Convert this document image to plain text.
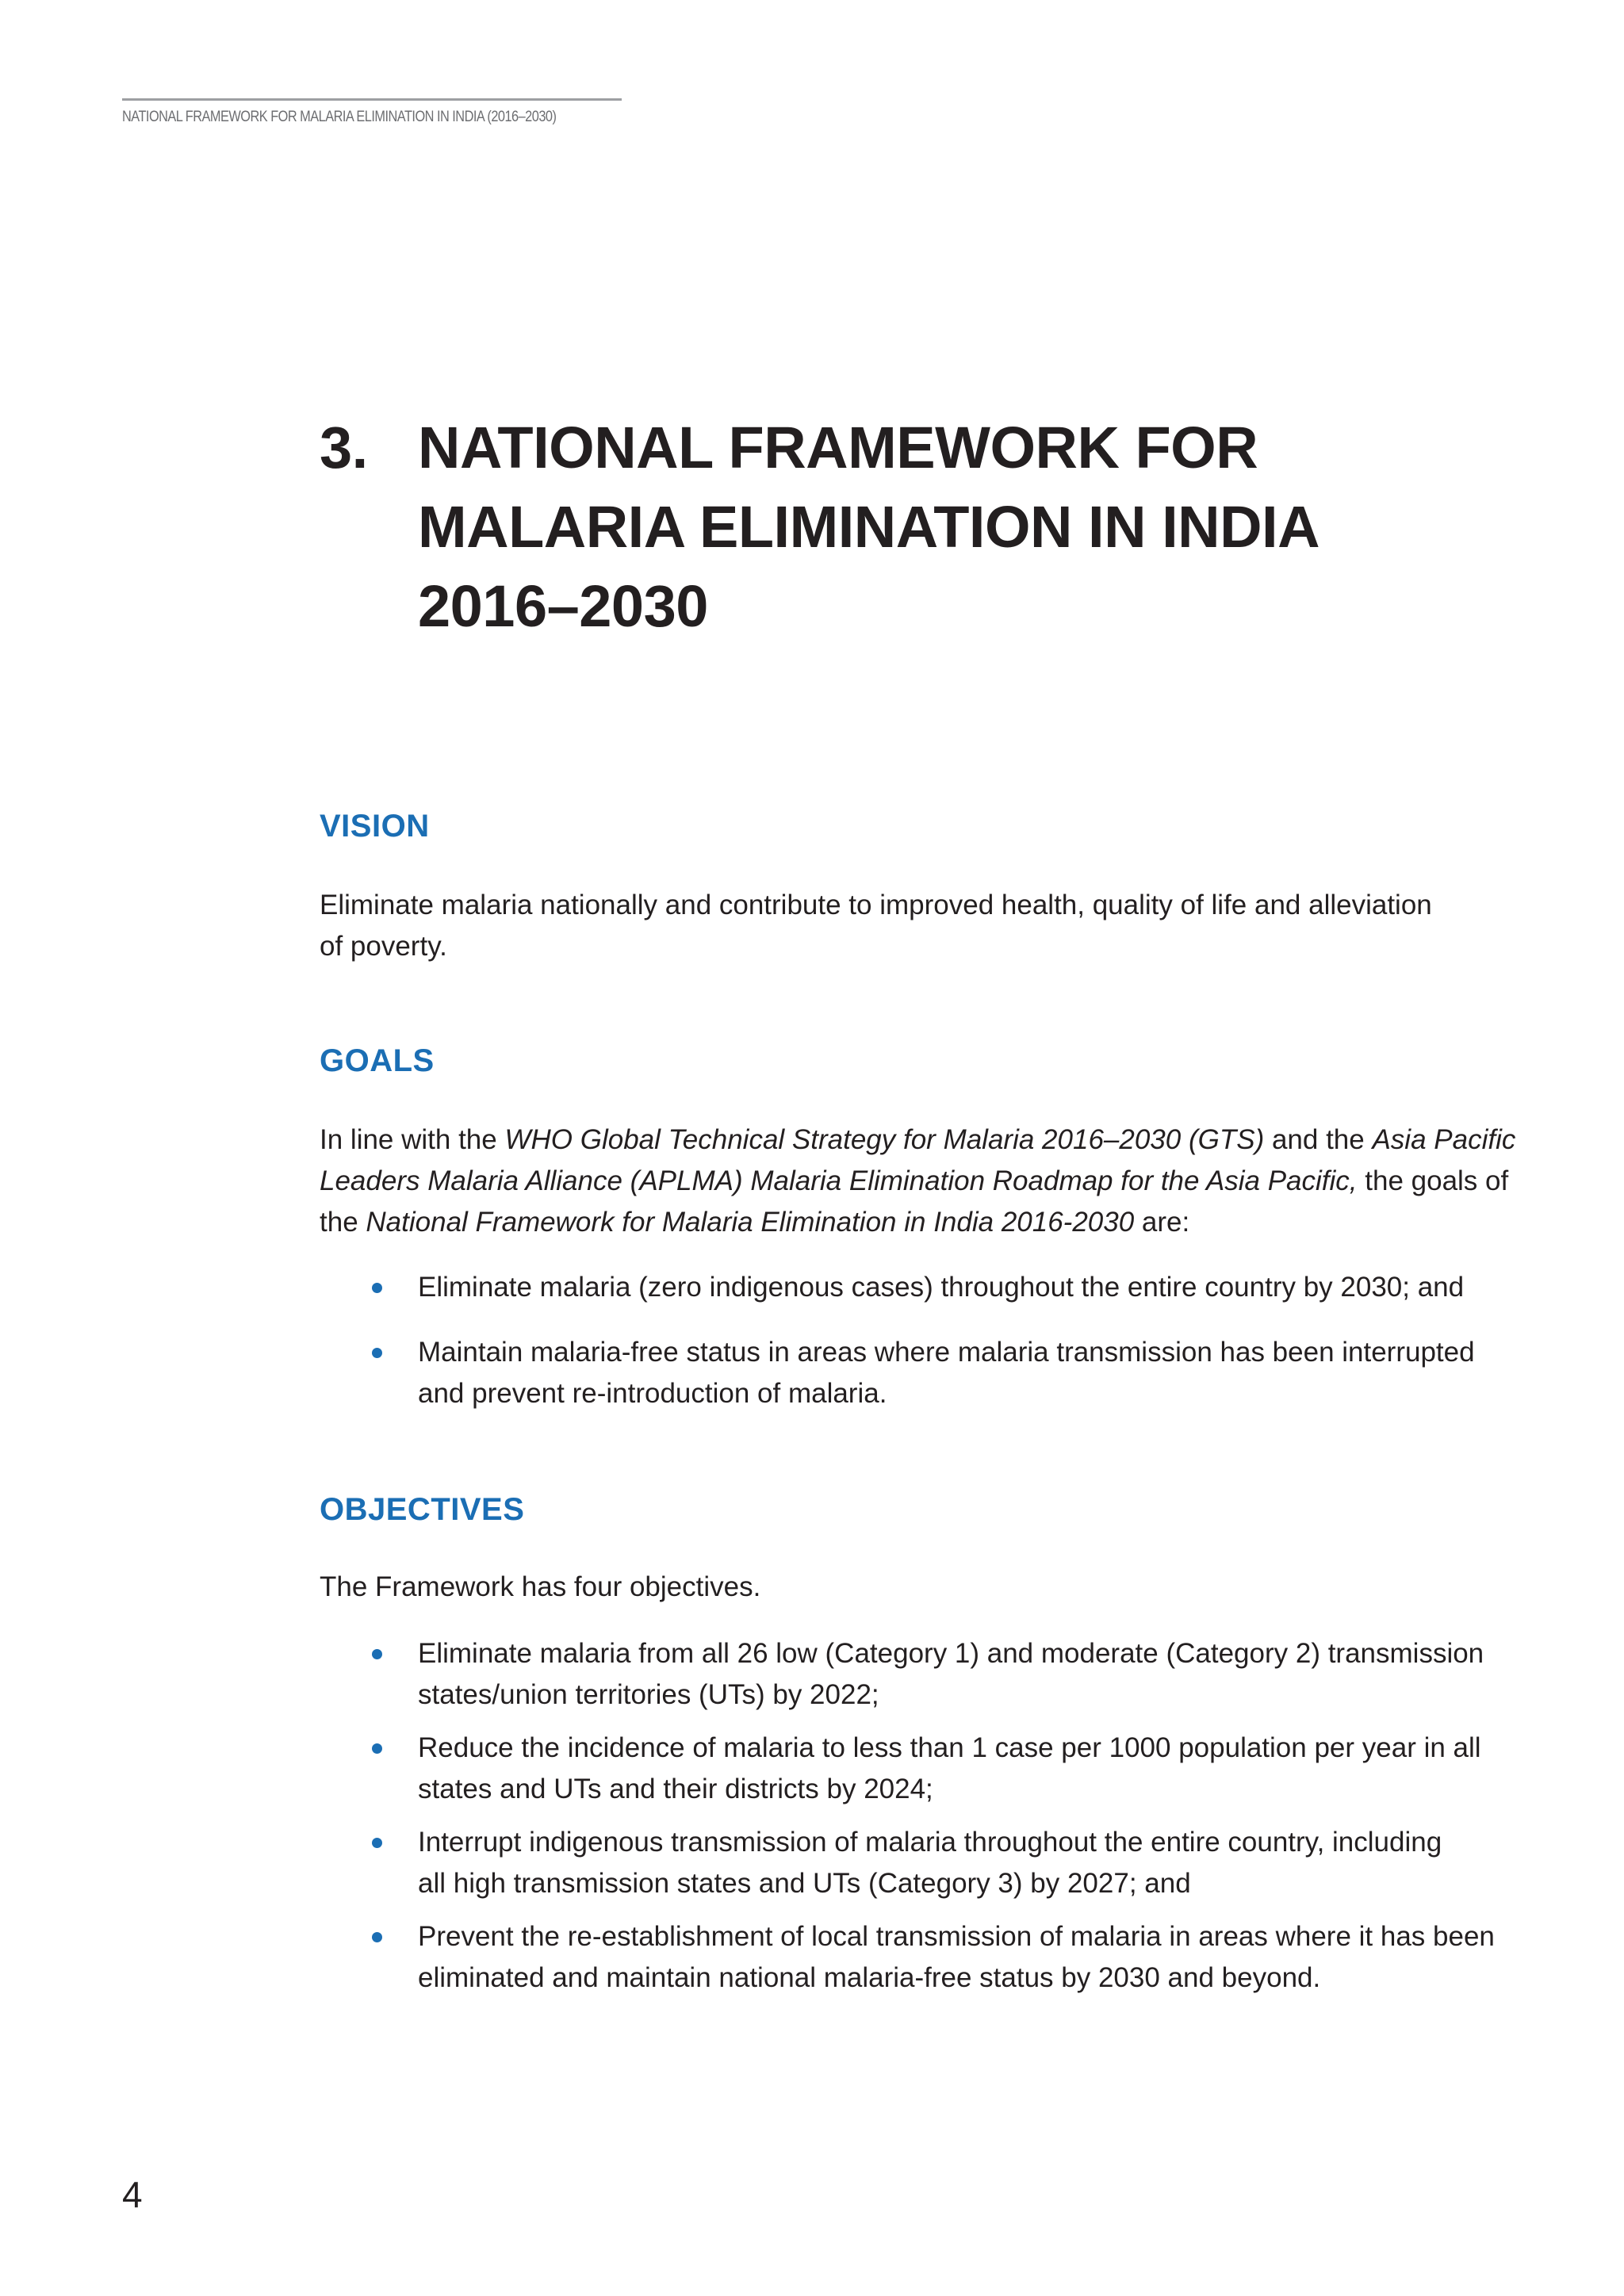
NATIONAL FRAMEWORK FOR MALARIA ELIMINATION IN INDIA (2016–2030)
3. NATIONAL FRAMEWORK FOR
MALARIA ELIMINATION IN INDIA
2016–2030
VISION
Eliminate malaria nationally and contribute to improved health, quality of life and alleviation
of poverty.
GOALS
In line with the WHO Global Technical Strategy for Malaria 2016–2030 (GTS) and the Asia Pacific
Leaders Malaria Alliance (APLMA) Malaria Elimination Roadmap for the Asia Pacific, the goals of
the National Framework for Malaria Elimination in India 2016-2030 are:
Eliminate malaria (zero indigenous cases) throughout the entire country by 2030; and
Maintain malaria-free status in areas where malaria transmission has been interrupted
and prevent re-introduction of malaria.
OBJECTIVES
The Framework has four objectives.
Eliminate malaria from all 26 low (Category 1) and moderate (Category 2) transmission
states/union territories (UTs) by 2022;
Reduce the incidence of malaria to less than 1 case per 1000 population per year in all
states and UTs and their districts by 2024;
Interrupt indigenous transmission of malaria throughout the entire country, including
all high transmission states and UTs (Category 3) by 2027; and
Prevent the re-establishment of local transmission of malaria in areas where it has been
eliminated and maintain national malaria-free status by 2030 and beyond.
4
